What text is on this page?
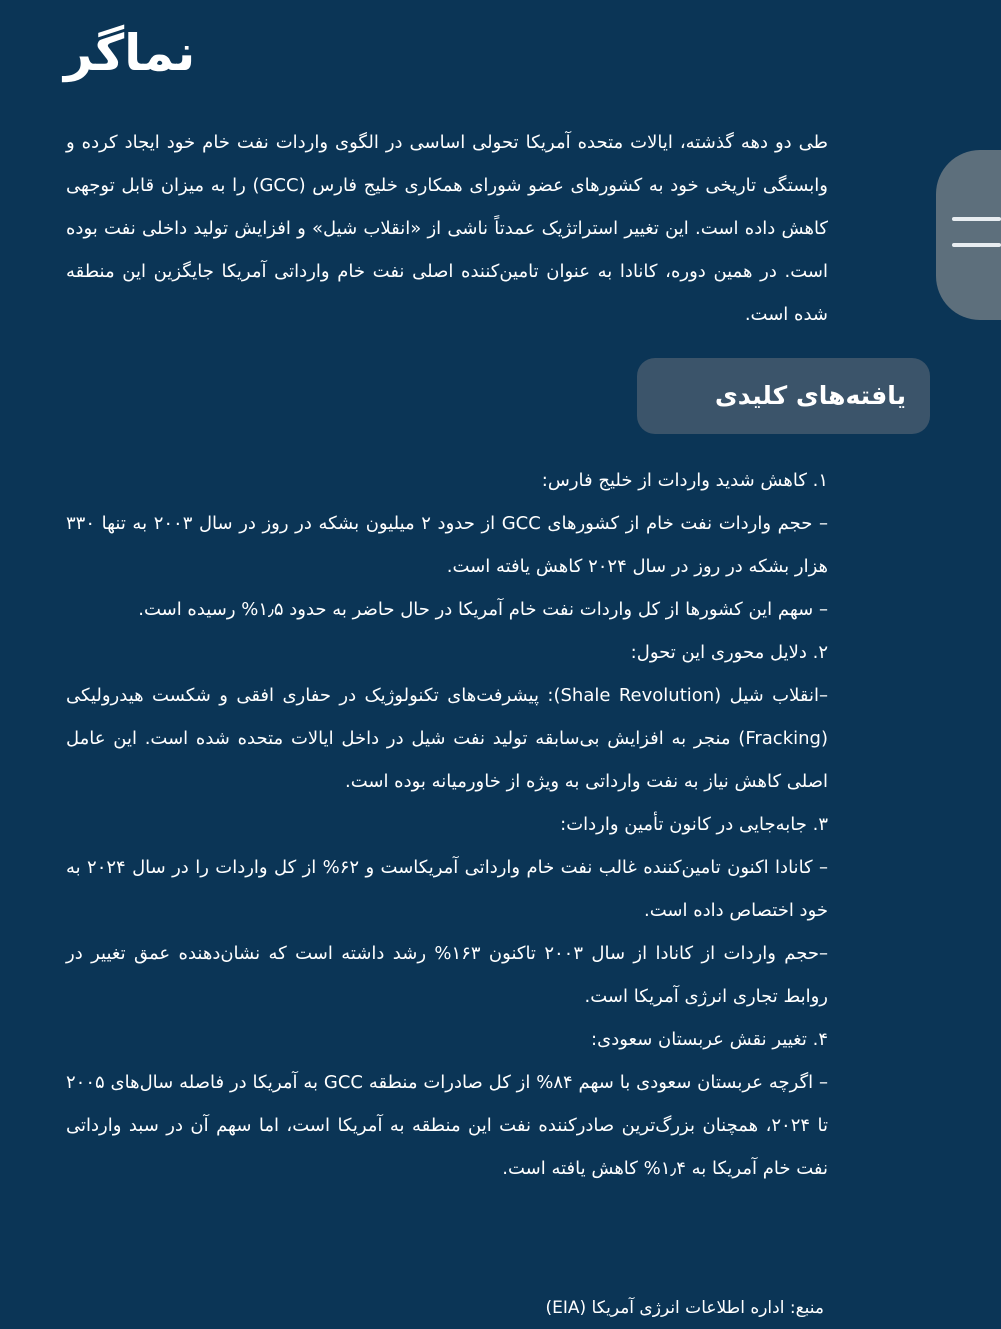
نماگر

طی دو دهه گذشته، ایالات متحده آمریکا تحولی اساسی در الگوی واردات نفت خام خود ایجاد کرده و وابستگی تاریخی خود به کشورهای عضو شورای همکاری خلیج فارس (GCC) را به میزان قابل توجهی کاهش داده است. این تغییر استراتژیک عمدتاً ناشی از «انقلاب شیل» و افزایش تولید داخلی نفت بوده است. در همین دوره، کانادا به عنوان تامین‌کننده اصلی نفت خام وارداتی آمریکا جایگزین این منطقه شده است.

یافته‌های کلیدی

۱. کاهش شدید واردات از خلیج فارس:

– حجم واردات نفت خام از کشورهای GCC از حدود ۲ میلیون بشکه در روز در سال ۲۰۰۳ به تنها ۳۳۰ هزار بشکه در روز در سال ۲۰۲۴ کاهش یافته است.

– سهم این کشورها از کل واردات نفت خام آمریکا در حال حاضر به حدود ۱٫۵% رسیده است.

۲. دلایل محوری این تحول:

–انقلاب شیل (Shale Revolution): پیشرفت‌های تکنولوژیک در حفاری افقی و شکست هیدرولیکی (Fracking) منجر به افزایش بی‌سابقه تولید نفت شیل در داخل ایالات متحده شده است. این عامل اصلی کاهش نیاز به نفت وارداتی به ویژه از خاورمیانه بوده است.

۳. جابه‌جایی در کانون تأمین واردات:

– کانادا اکنون تامین‌کننده غالب نفت خام وارداتی آمریکاست و ۶۲% از کل واردات را در سال ۲۰۲۴ به خود اختصاص داده است.

–حجم واردات از کانادا از سال ۲۰۰۳ تاکنون ۱۶۳% رشد داشته است که نشان‌دهنده عمق تغییر در روابط تجاری انرژی آمریکا است.

۴. تغییر نقش عربستان سعودی:

– اگرچه عربستان سعودی با سهم ۸۴% از کل صادرات منطقه GCC به آمریکا در فاصله سال‌های ۲۰۰۵ تا ۲۰۲۴، همچنان بزرگ‌ترین صادرکننده نفت این منطقه به آمریکا است، اما سهم آن در سبد وارداتی نفت خام آمریکا به ۱٫۴% کاهش یافته است.

منبع: اداره اطلاعات انرژی آمریکا (EIA)
